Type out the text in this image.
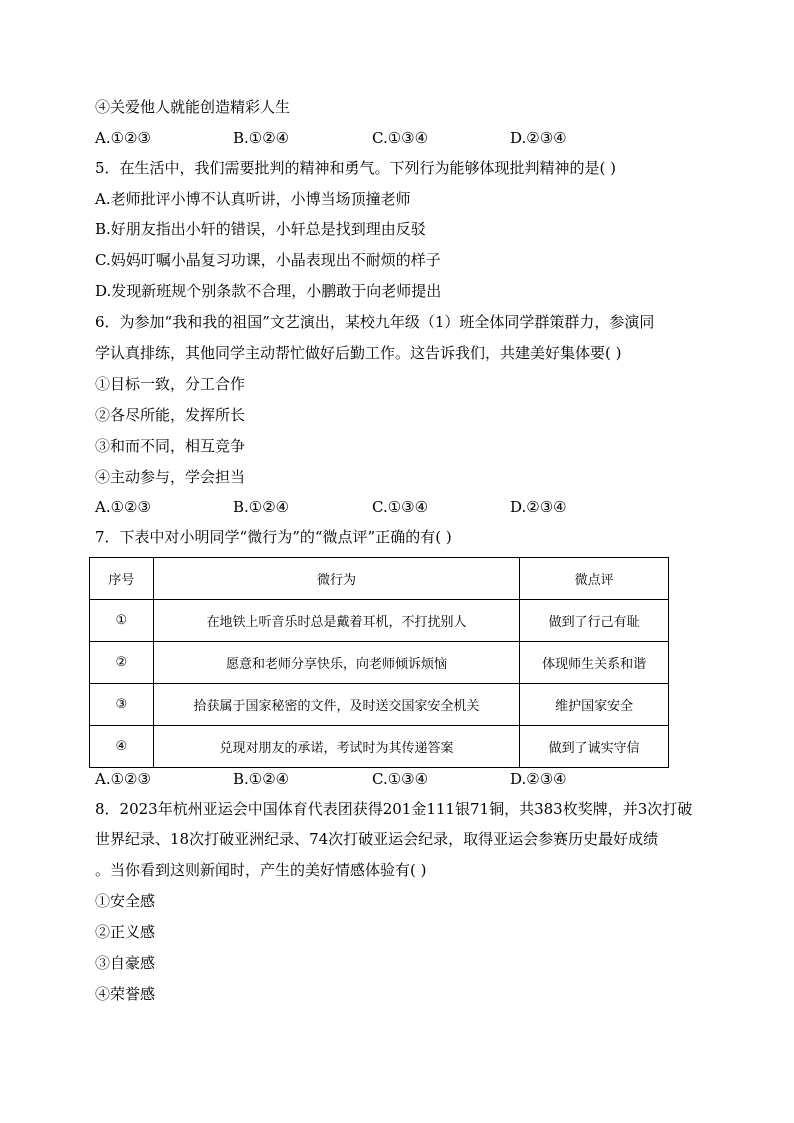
④关爱他人就能创造精彩人生
A.①②③	B.①②④	C.①③④	D.②③④
5．在生活中，我们需要批判的精神和勇气。下列行为能够体现批判精神的是( )
A.老师批评小博不认真听讲，小博当场顶撞老师
B.好朋友指出小轩的错误，小轩总是找到理由反驳
C.妈妈叮嘱小晶复习功课，小晶表现出不耐烦的样子
D.发现新班规个别条款不合理，小鹏敢于向老师提出
6．为参加“我和我的祖国”文艺演出，某校九年级（1）班全体同学群策群力，参演同
学认真排练，其他同学主动帮忙做好后勤工作。这告诉我们，共建美好集体要( )
①目标一致，分工合作
②各尽所能，发挥所长
③和而不同，相互竞争
④主动参与，学会担当
A.①②③	B.①②④	C.①③④	D.②③④
7．下表中对小明同学“微行为”的“微点评”正确的有( )
序号	微行为	微点评
①	在地铁上听音乐时总是戴着耳机，不打扰别人	做到了行己有耻
②	愿意和老师分享快乐，向老师倾诉烦恼	体现师生关系和谐
③	拾获属于国家秘密的文件，及时送交国家安全机关	维护国家安全
④	兑现对朋友的承诺，考试时为其传递答案	做到了诚实守信
A.①②③	B.①②④	C.①③④	D.②③④
8．2023年杭州亚运会中国体育代表团获得201金111银71铜，共383枚奖牌，并3次打破
世界纪录、18次打破亚洲纪录、74次打破亚运会纪录，取得亚运会参赛历史最好成绩
。当你看到这则新闻时，产生的美好情感体验有( )
①安全感
②正义感
③自豪感
④荣誉感
